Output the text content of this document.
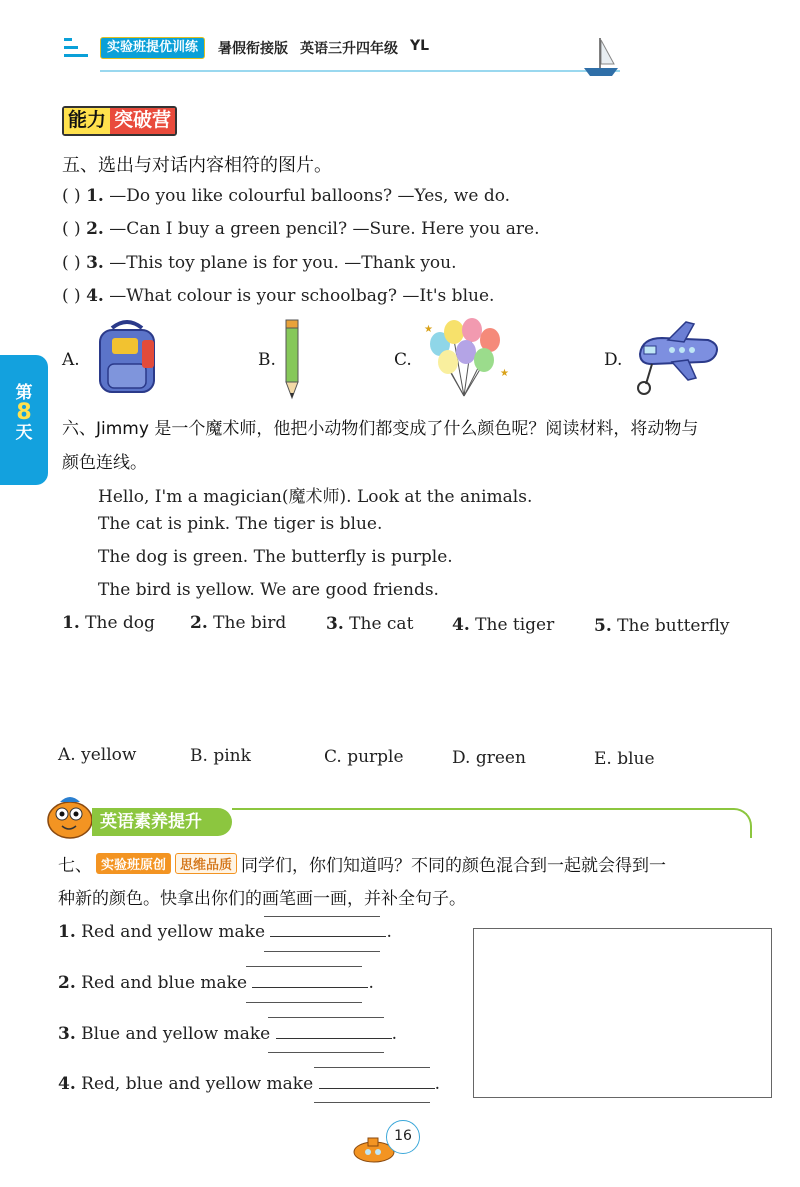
实验班提优训练	暑假衔接版 英语三升四年级 YL
第
8
天
能力 突破营
五、选出与对话内容相符的图片。
( ) 1. —Do you like colourful balloons? —Yes, we do.
( ) 2. —Can I buy a green pencil? —Sure. Here you are.
( ) 3. —This toy plane is for you. —Thank you.
( ) 4. —What colour is your schoolbag? —It's blue.
A.	B.	C.
★
★
D.
六、Jimmy 是一个魔术师，他把小动物们都变成了什么颜色呢？阅读材料，将动物与
颜色连线。
Hello, I'm a magician(魔术师). Look at the animals.
The cat is pink. The tiger is blue.
The dog is green. The butterfly is purple.
The bird is yellow. We are good friends.
1. The dog 2. The bird 3. The cat 4. The tiger 5. The butterfly
A. yellow	B. pink	C. purple	D. green	E. blue
英语素养提升
七、 实验班原创	思维品质 同学们，你们知道吗？不同的颜色混合到一起就会得到一
种新的颜色。快拿出你们的画笔画一画，并补全句子。
1. Red and yellow make	.
2. Red and blue make	.
3. Blue and yellow make	.
4. Red, blue and yellow make	.
16
